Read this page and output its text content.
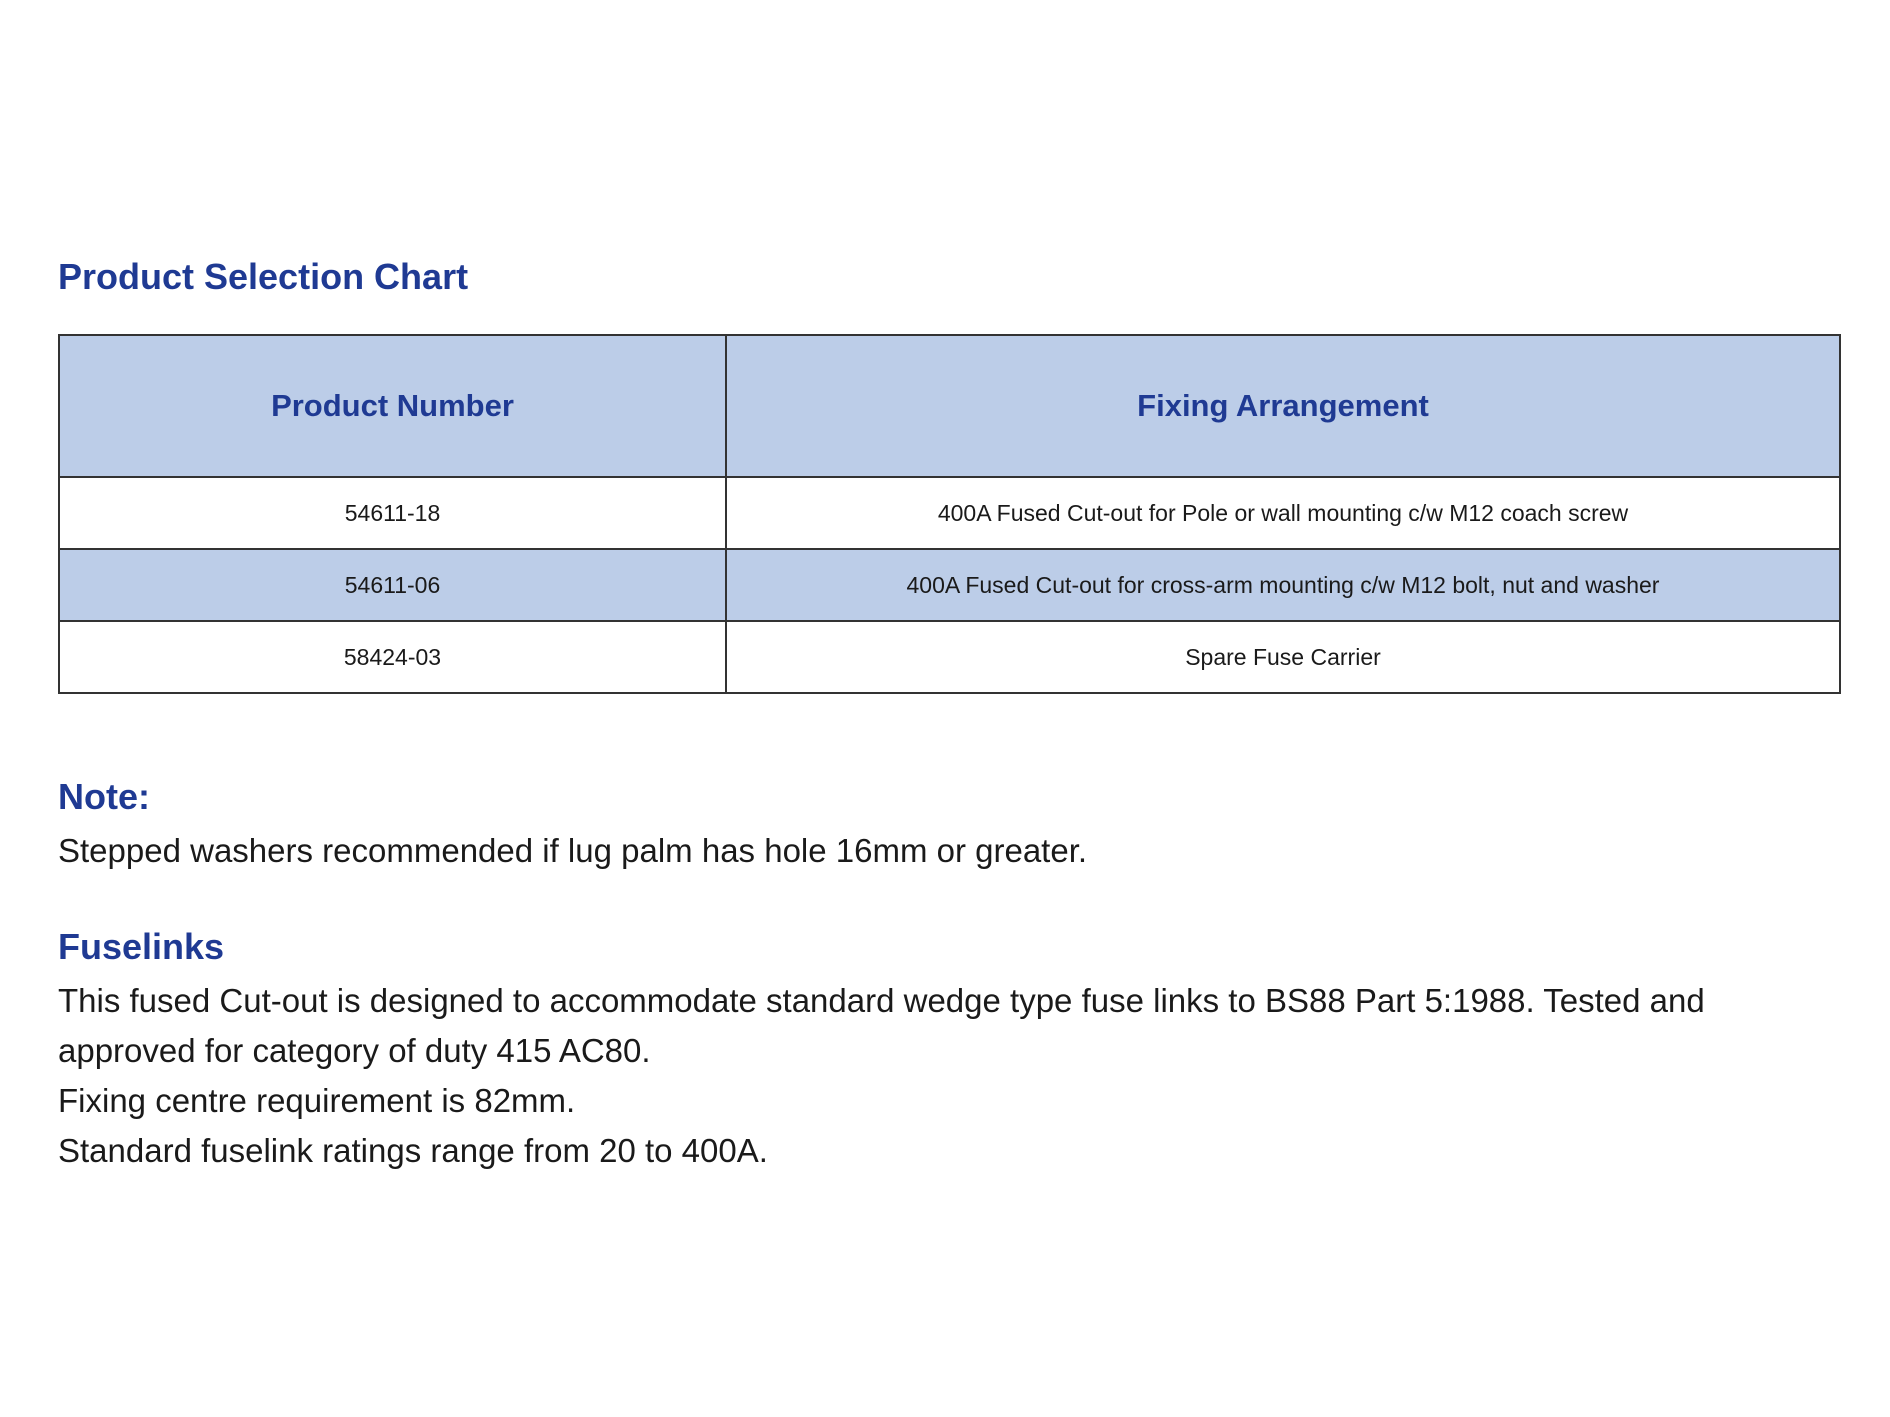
Product Selection Chart
Product Number	Fixing Arrangement
54611-18	400A Fused Cut-out for Pole or wall mounting c/w M12 coach screw
54611-06	400A Fused Cut-out for cross-arm mounting c/w M12 bolt, nut and washer
58424-03	Spare Fuse Carrier
Note:

Stepped washers recommended if lug palm has hole 16mm or greater.

Fuselinks

This fused Cut-out is designed to accommodate standard wedge type fuse links to BS88 Part 5:1988. Tested and approved for category of duty 415 AC80.

Fixing centre requirement is 82mm.

Standard fuselink ratings range from 20 to 400A.
